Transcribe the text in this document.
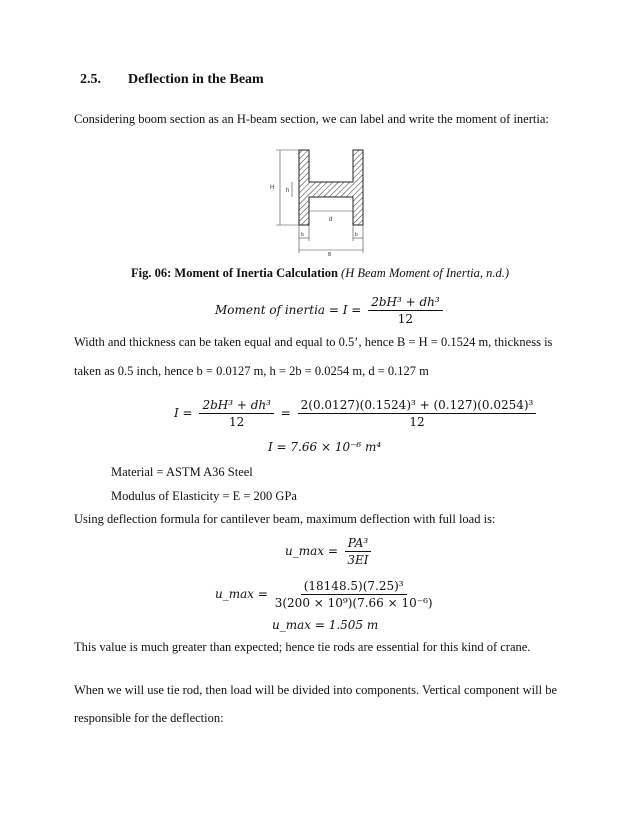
2.5. Deflection in the Beam
Considering boom section as an H-beam section, we can label and write the moment of inertia:
H h
d
b	b
B
Fig. 06: Moment of Inertia Calculation (H Beam Moment of Inertia, n.d.)
Moment of inertia = $I = \frac{\text{2bH³ + dh³}}{12}$
Width and thickness can be taken equal and equal to 0.5’, hence B = H = 0.1524 m, thickness is
taken as 0.5 inch, hence b = 0.0127 m, h = 2b = 0.0254 m, d = 0.127 m
$I = \frac{\text{2bH³ + dh³}}{12} = \frac{\text{2(0.0127)(0.1524)³ + (0.127)(0.0254)³}}{12}$
I = 7.66 × 10⁻⁶ m⁴
Material = ASTM A36 Steel
Modulus of Elasticity = E = 200 GPa
Using deflection formula for cantilever beam, maximum deflection with full load is:
u_max = $\frac{\text{PA³}}{3EI}$
u_max = $\frac{\text{(18148.5)(7.25)³}}{\text{3(200 × 10⁹)(7.66 × 10⁻⁶)}}$
u_max = 1.505 m
This value is much greater than expected; hence tie rods are essential for this kind of crane.
When we will use tie rod, then load will be divided into components. Vertical component will be
responsible for the deflection:
